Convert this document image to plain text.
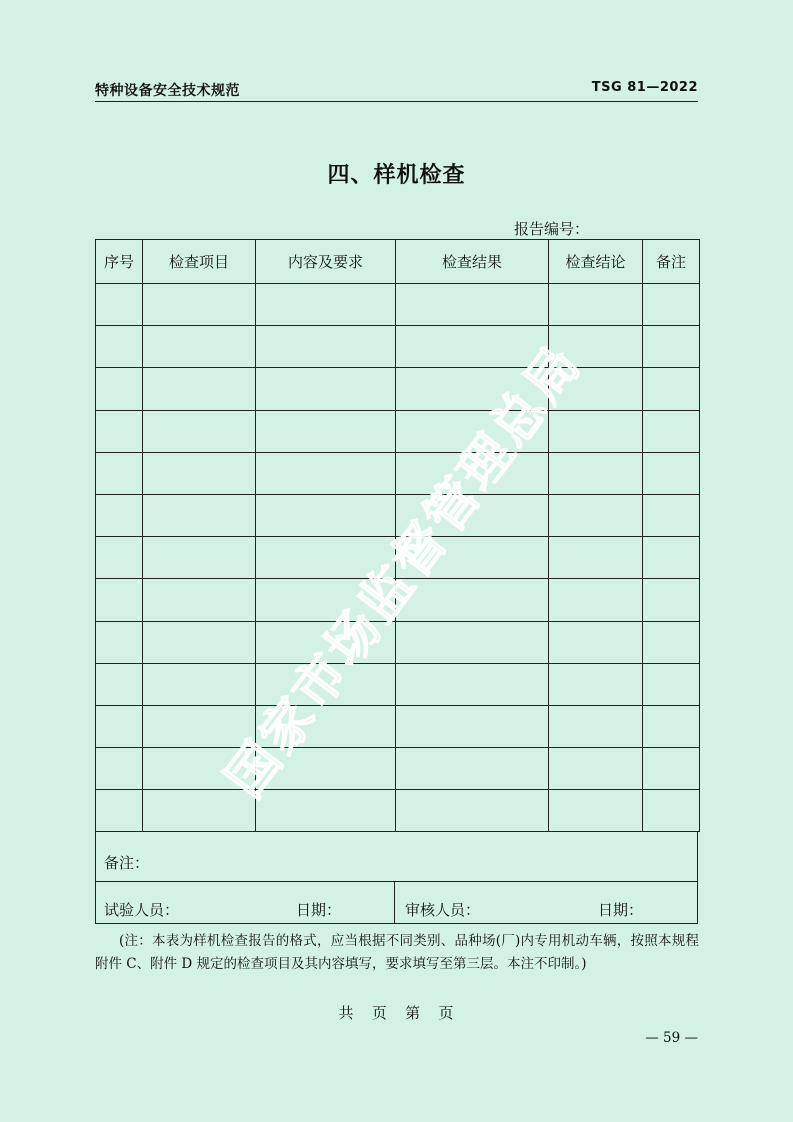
特种设备安全技术规范	TSG 81—2022
四、样机检查
报告编号：
序号	检查项目	内容及要求	检查结果	检查结论	备注

备注：
试验人员：	日期：	审核人员：	日期：
(注：本表为样机检查报告的格式，应当根据不同类别、品种场(厂)内专用机动车辆，按照本规程附件 C、附件 D 规定的检查项目及其内容填写，要求填写至第三层。本注不印制。)
共   页   第   页
— 59 —
国家市场监督管理总局
